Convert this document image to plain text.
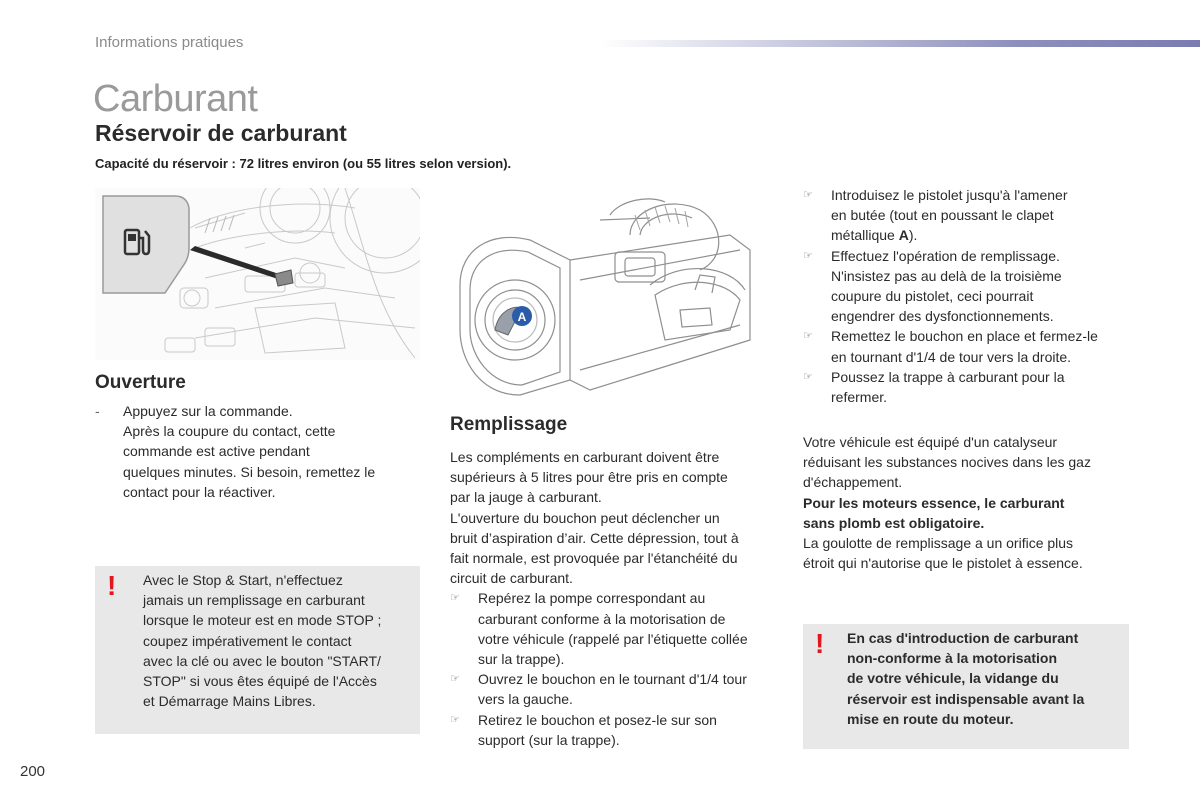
Informations pratiques
Carburant
Réservoir de carburant
Capacité du réservoir : 72 litres environ (ou 55 litres selon version).
A
Ouverture
-	Appuyez sur la commande.
Après la coupure du contact, cette
commande est active pendant
quelques minutes. Si besoin, remettez le
contact pour la réactiver.
! Avec le Stop & Start, n'effectuez
jamais un remplissage en carburant
lorsque le moteur est en mode STOP ;
coupez impérativement le contact
avec la clé ou avec le bouton "START/
STOP" si vous êtes équipé de l'Accès
et Démarrage Mains Libres.
Remplissage
Les compléments en carburant doivent être
supérieurs à 5 litres pour être pris en compte
par la jauge à carburant.
L'ouverture du bouchon peut déclencher un
bruit d’aspiration d’air. Cette dépression, tout à
fait normale, est provoquée par l'étanchéité du
circuit de carburant.
☞	Repérez la pompe correspondant au
carburant conforme à la motorisation de
votre véhicule (rappelé par l'étiquette collée
sur la trappe).
☞	Ouvrez le bouchon en le tournant d'1/4 tour
vers la gauche.
☞	Retirez le bouchon et posez-le sur son
support (sur la trappe).
☞	Introduisez le pistolet jusqu'à l'amener
en butée (tout en poussant le clapet
métallique A).
☞	Effectuez l'opération de remplissage.
N'insistez pas au delà de la troisième
coupure du pistolet, ceci pourrait
engendrer des dysfonctionnements.
☞	Remettez le bouchon en place et fermez-le
en tournant d'1/4 de tour vers la droite.
☞	Poussez la trappe à carburant pour la
refermer.
Votre véhicule est équipé d'un catalyseur
réduisant les substances nocives dans les gaz
d'échappement.
Pour les moteurs essence, le carburant
sans plomb est obligatoire.
La goulotte de remplissage a un orifice plus
étroit qui n'autorise que le pistolet à essence.
! En cas d'introduction de carburant
non-conforme à la motorisation
de votre véhicule, la vidange du
réservoir est indispensable avant la
mise en route du moteur.
200
